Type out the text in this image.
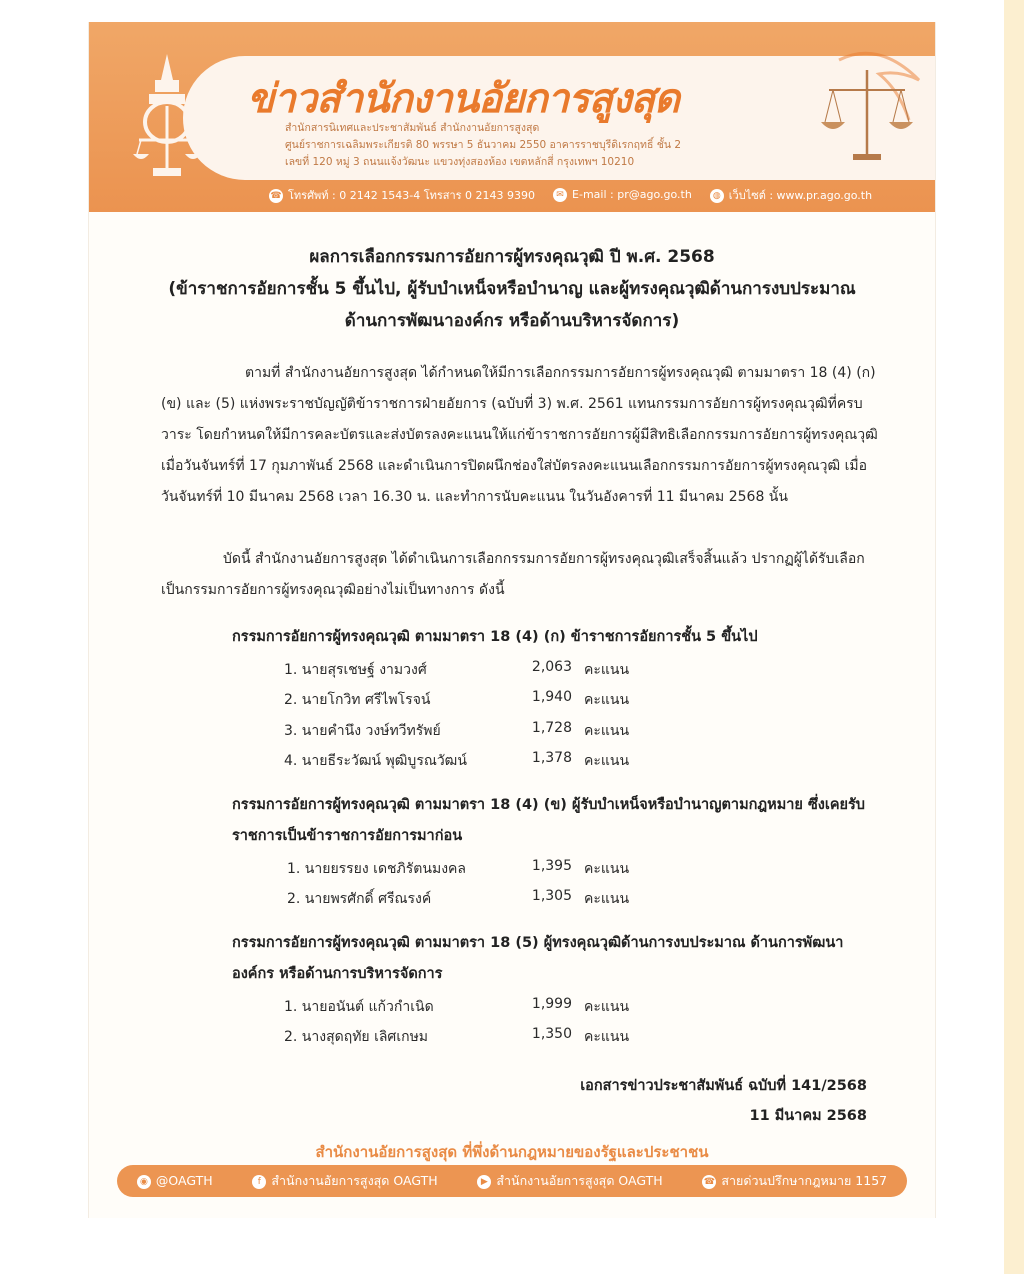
ข่าวสำนักงานอัยการสูงสุด
สำนักสารนิเทศและประชาสัมพันธ์ สำนักงานอัยการสูงสุด
ศูนย์ราชการเฉลิมพระเกียรติ 80 พรรษา 5 ธันวาคม 2550 อาคารราชบุรีดิเรกฤทธิ์ ชั้น 2
เลขที่ 120 หมู่ 3 ถนนแจ้งวัฒนะ แขวงทุ่งสองห้อง เขตหลักสี่ กรุงเทพฯ 10210
☎ โทรศัพท์ : 0 2142 1543-4 โทรสาร 0 2143 9390	✉ E-mail : pr@ago.go.th	◍ เว็บไซต์ : www.pr.ago.go.th
ผลการเลือกกรรมการอัยการผู้ทรงคุณวุฒิ ปี พ.ศ. 2568
(ข้าราชการอัยการชั้น 5 ขึ้นไป, ผู้รับบำเหน็จหรือบำนาญ และผู้ทรงคุณวุฒิด้านการงบประมาณ
ด้านการพัฒนาองค์กร หรือด้านบริหารจัดการ)

ตามที่ สำนักงานอัยการสูงสุด ได้กำหนดให้มีการเลือกกรรมการอัยการผู้ทรงคุณวุฒิ ตามมาตรา 18 (4) (ก) (ข) และ (5) แห่งพระราชบัญญัติข้าราชการฝ่ายอัยการ (ฉบับที่ 3) พ.ศ. 2561 แทนกรรมการอัยการผู้ทรงคุณวุฒิที่ครบวาระ โดยกำหนดให้มีการคละบัตรและส่งบัตรลงคะแนนให้แก่ข้าราชการอัยการผู้มีสิทธิเลือกกรรมการอัยการผู้ทรงคุณวุฒิ เมื่อวันจันทร์ที่ 17 กุมภาพันธ์ 2568 และดำเนินการปิดผนึกช่องใส่บัตรลงคะแนนเลือกกรรมการอัยการผู้ทรงคุณวุฒิ เมื่อวันจันทร์ที่ 10 มีนาคม 2568 เวลา 16.30 น. และทำการนับคะแนน ในวันอังคารที่ 11 มีนาคม 2568 นั้น

บัดนี้ สำนักงานอัยการสูงสุด ได้ดำเนินการเลือกกรรมการอัยการผู้ทรงคุณวุฒิเสร็จสิ้นแล้ว ปรากฏผู้ได้รับเลือกเป็นกรรมการอัยการผู้ทรงคุณวุฒิอย่างไม่เป็นทางการ ดังนี้

กรรมการอัยการผู้ทรงคุณวุฒิ ตามมาตรา 18 (4) (ก) ข้าราชการอัยการชั้น 5 ขึ้นไป
1. นายสุรเชษฐ์ งามวงศ์	2,063 คะแนน
2. นายโกวิท ศรีไพโรจน์	1,940 คะแนน
3. นายคำนึง วงษ์ทวีทรัพย์	1,728 คะแนน
4. นายธีระวัฒน์ พุฒิบูรณวัฒน์	1,378 คะแนน
กรรมการอัยการผู้ทรงคุณวุฒิ ตามมาตรา 18 (4) (ข) ผู้รับบำเหน็จหรือบำนาญตามกฎหมาย ซึ่งเคยรับราชการเป็นข้าราชการอัยการมาก่อน
1. นายยรรยง เดชภิรัตนมงคล	1,395 คะแนน
2. นายพรศักดิ์ ศรีณรงค์	1,305 คะแนน
กรรมการอัยการผู้ทรงคุณวุฒิ ตามมาตรา 18 (5) ผู้ทรงคุณวุฒิด้านการงบประมาณ ด้านการพัฒนาองค์กร หรือด้านการบริหารจัดการ
1. นายอนันต์ แก้วกำเนิด	1,999 คะแนน
2. นางสุดฤทัย เลิศเกษม	1,350 คะแนน
เอกสารข่าวประชาสัมพันธ์ ฉบับที่ 141/2568
11 มีนาคม 2568
สำนักงานอัยการสูงสุด ที่พึ่งด้านกฎหมายของรัฐและประชาชน
◉ @OAGTH	f สำนักงานอัยการสูงสุด OAGTH	▶ สำนักงานอัยการสูงสุด OAGTH	☎ สายด่วนปรึกษากฎหมาย 1157
